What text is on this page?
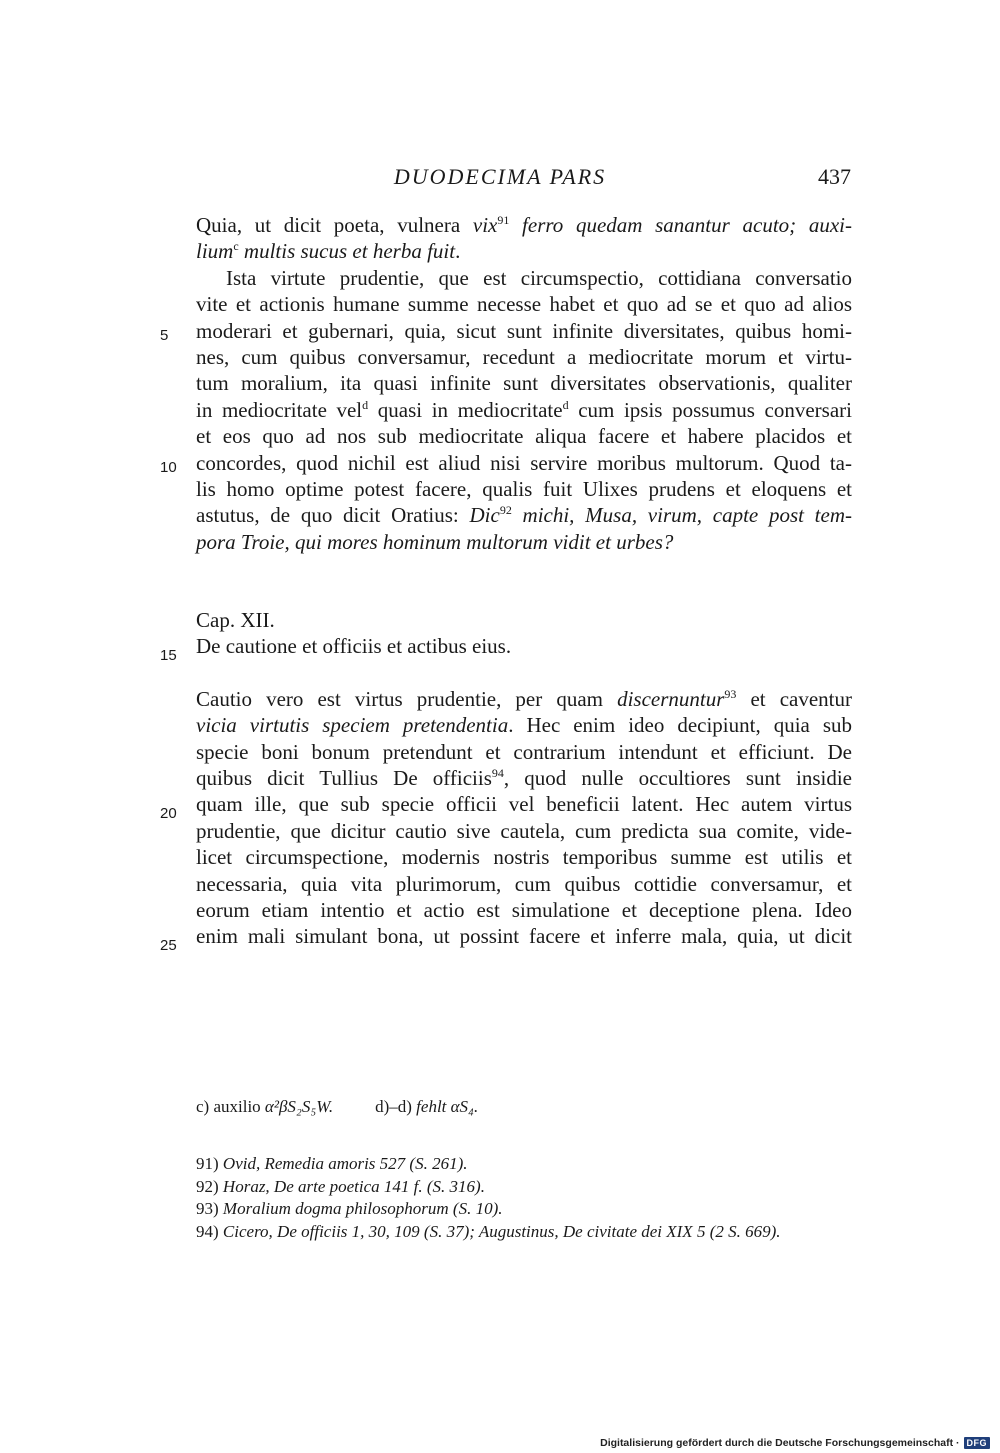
DUODECIMA PARS	437
Quia, ut dicit poeta, vulnera vix$^{91}$ ferro quedam sanantur acuto; auxi-
lium$^c$ multis sucus et herba fuit.
Ista virtute prudentie, que est circumspectio, cottidiana conversatio
vite et actionis humane summe necesse habet et quo ad se et quo ad alios
moderari et gubernari, quia, sicut sunt infinite diversitates, quibus homi-
nes, cum quibus conversamur, recedunt a mediocritate morum et virtu-
tum moralium, ita quasi infinite sunt diversitates observationis, qualiter
in mediocritate vel$^d$ quasi in mediocritate$^d$ cum ipsis possumus conversari
et eos quo ad nos sub mediocritate aliqua facere et habere placidos et
concordes, quod nichil est aliud nisi servire moribus multorum. Quod ta-
lis homo optime potest facere, qualis fuit Ulixes prudens et eloquens et
astutus, de quo dicit Oratius: Dic$^{92}$ michi, Musa, virum, capte post tem-
pora Troie, qui mores hominum multorum vidit et urbes?
Cap. XII.
De cautione et officiis et actibus eius.
Cautio vero est virtus prudentie, per quam discernuntur$^{93}$ et caventur
vicia virtutis speciem pretendentia. Hec enim ideo decipiunt, quia sub
specie boni bonum pretendunt et contrarium intendunt et efficiunt. De
quibus dicit Tullius De officiis$^{94}$, quod nulle occultiores sunt insidie
quam ille, que sub specie officii vel beneficii latent. Hec autem virtus
prudentie, que dicitur cautio sive cautela, cum predicta sua comite, vide-
licet circumspectione, modernis nostris temporibus summe est utilis et
necessaria, quia vita plurimorum, cum quibus cottidie conversamur, et
eorum etiam intentio et actio est simulatione et deceptione plena. Ideo
enim mali simulant bona, ut possint facere et inferre mala, quia, ut dicit
5
10
15
20
25
c) auxilio α²βS₂S₅W. d)–d) fehlt αS₄.
91) Ovid, Remedia amoris 527 (S. 261).
92) Horaz, De arte poetica 141 f. (S. 316).
93) Moralium dogma philosophorum (S. 10).
94) Cicero, De officiis 1, 30, 109 (S. 37); Augustinus, De civitate dei XIX 5 (2 S. 669).
Digitalisierung gefördert durch die Deutsche Forschungsgemeinschaft · DFG
